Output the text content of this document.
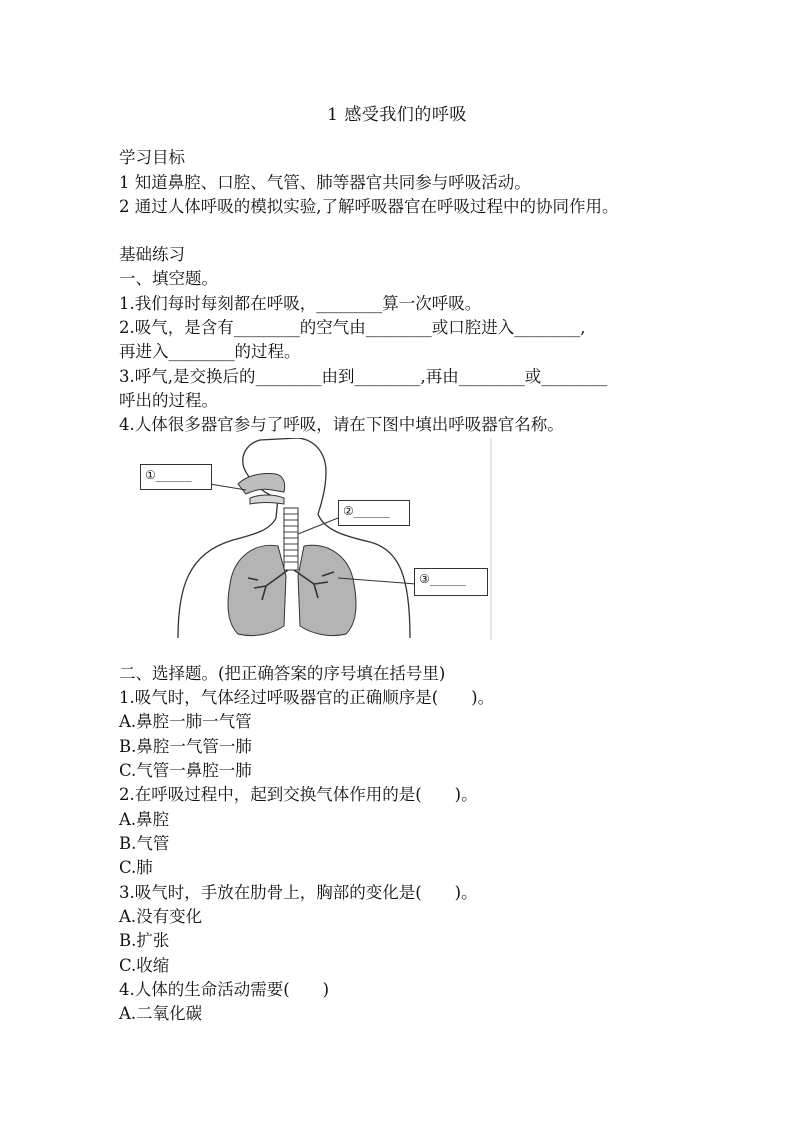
1 感受我们的呼吸
学习目标
1 知道鼻腔、口腔、气管、肺等器官共同参与呼吸活动。
2 通过人体呼吸的模拟实验,了解呼吸器官在呼吸过程中的协同作用。
基础练习
一、填空题。
1.我们每时每刻都在呼吸，________算一次呼吸。
2.吸气，是含有________的空气由________或口腔进入________,
再进入________的过程。
3.呼气,是交换后的________由到________,再由________或________
呼出的过程。
4.人体很多器官参与了呼吸，请在下图中填出呼吸器官名称。
①______
②______
③______
二、选择题。(把正确答案的序号填在括号里)
1.吸气时，气体经过呼吸器官的正确顺序是(　　)。
A.鼻腔一肺一气管
B.鼻腔一气管一肺
C.气管一鼻腔一肺
2.在呼吸过程中，起到交换气体作用的是(　　)。
A.鼻腔
B.气管
C.肺
3.吸气时，手放在肋骨上，胸部的变化是(　　)。
A.没有变化
B.扩张
C.收缩
4.人体的生命活动需要(　　)
A.二氧化碳
